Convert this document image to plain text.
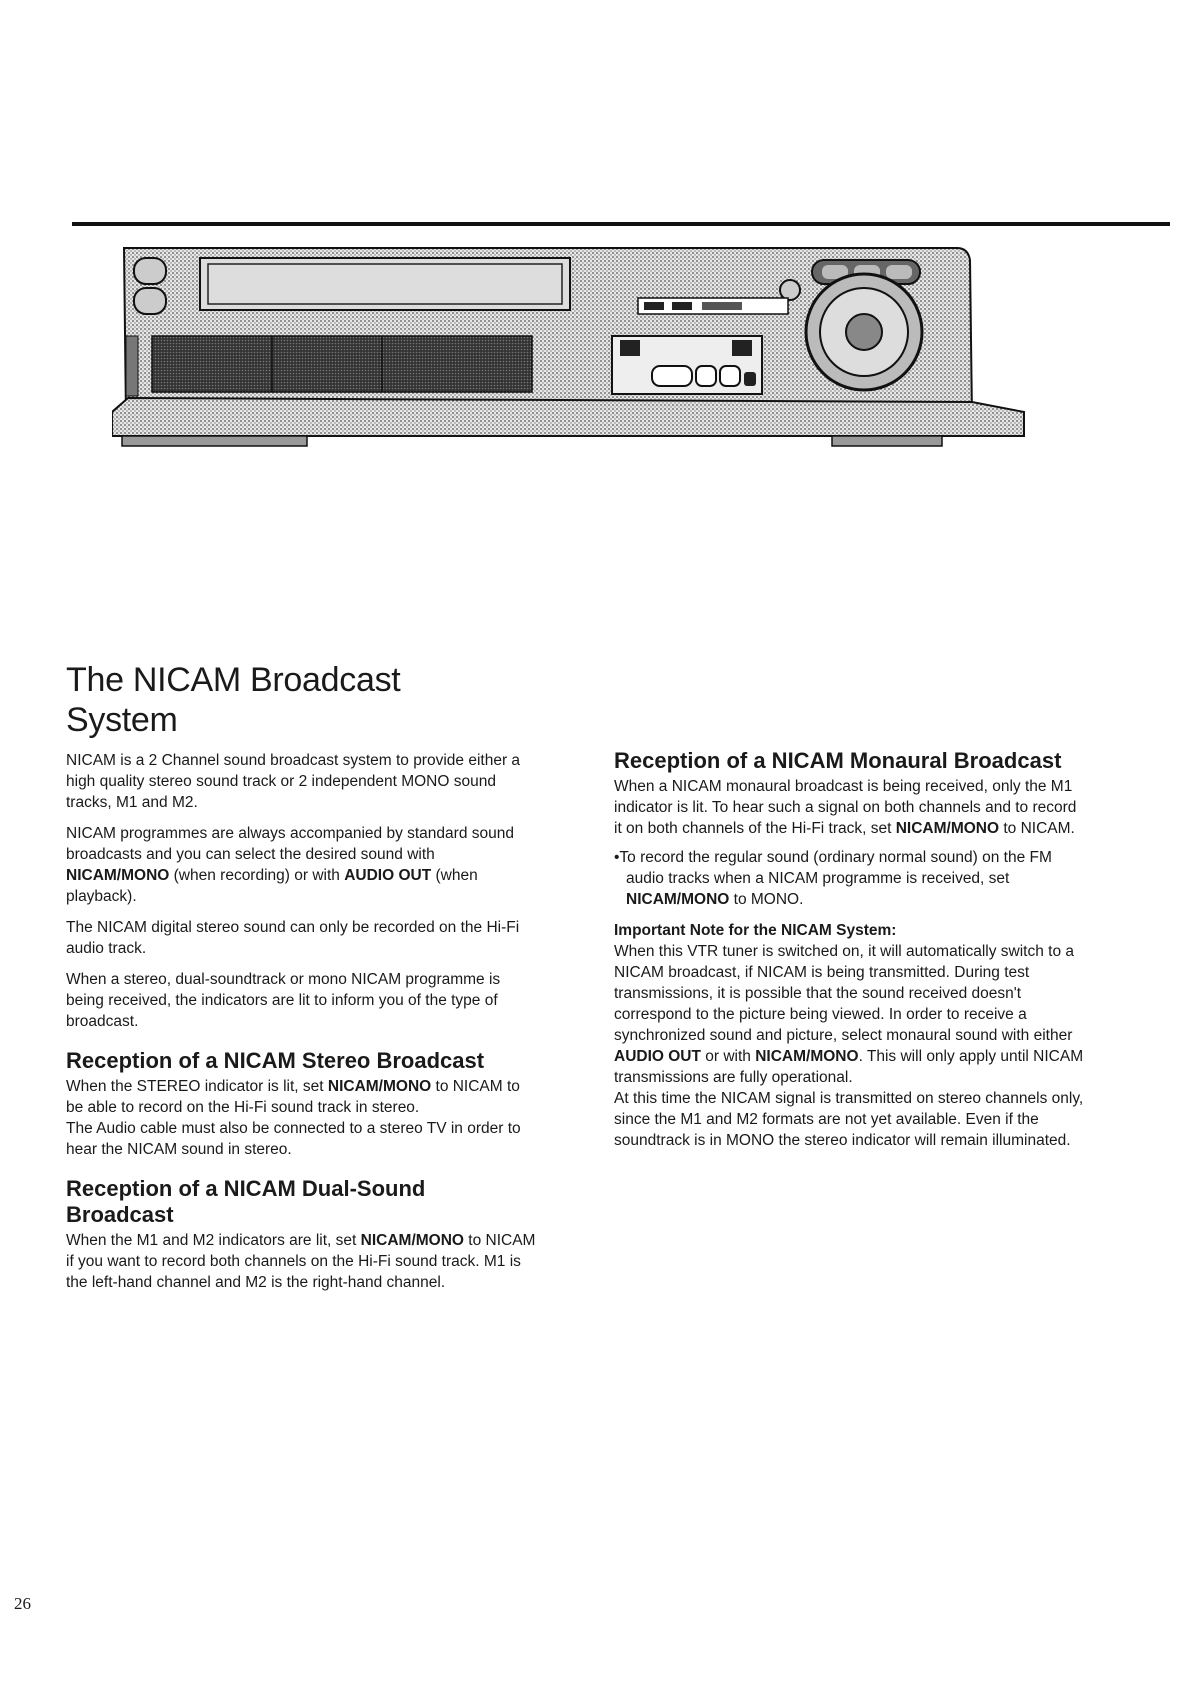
The NICAM Broadcast System

NICAM is a 2 Channel sound broadcast system to provide either a high quality stereo sound track or 2 independent MONO sound tracks, M1 and M2.

NICAM programmes are always accompanied by standard sound broadcasts and you can select the desired sound with NICAM/MONO (when recording) or with AUDIO OUT (when playback).

The NICAM digital stereo sound can only be recorded on the Hi-Fi audio track.

When a stereo, dual-soundtrack or mono NICAM programme is being received, the indicators are lit to inform you of the type of broadcast.

Reception of a NICAM Stereo Broadcast

When the STEREO indicator is lit, set NICAM/MONO to NICAM to be able to record on the Hi-Fi sound track in stereo.

The Audio cable must also be connected to a stereo TV in order to hear the NICAM sound in stereo.

Reception of a NICAM Dual-Sound Broadcast

When the M1 and M2 indicators are lit, set NICAM/MONO to NICAM if you want to record both channels on the Hi-Fi sound track. M1 is the left-hand channel and M2 is the right-hand channel.

Reception of a NICAM Monaural Broadcast

When a NICAM monaural broadcast is being received, only the M1 indicator is lit. To hear such a signal on both channels and to record it on both channels of the Hi-Fi track, set NICAM/MONO to NICAM.

•To record the regular sound (ordinary normal sound) on the FM audio tracks when a NICAM programme is received, set NICAM/MONO to MONO.

Important Note for the NICAM System:

When this VTR tuner is switched on, it will automatically switch to a NICAM broadcast, if NICAM is being transmitted. During test transmissions, it is possible that the sound received doesn't correspond to the picture being viewed. In order to receive a synchronized sound and picture, select monaural sound with either AUDIO OUT or with NICAM/MONO. This will only apply until NICAM transmissions are fully operational.

At this time the NICAM signal is transmitted on stereo channels only, since the M1 and M2 formats are not yet available. Even if the soundtrack is in MONO the stereo indicator will remain illuminated.

26
